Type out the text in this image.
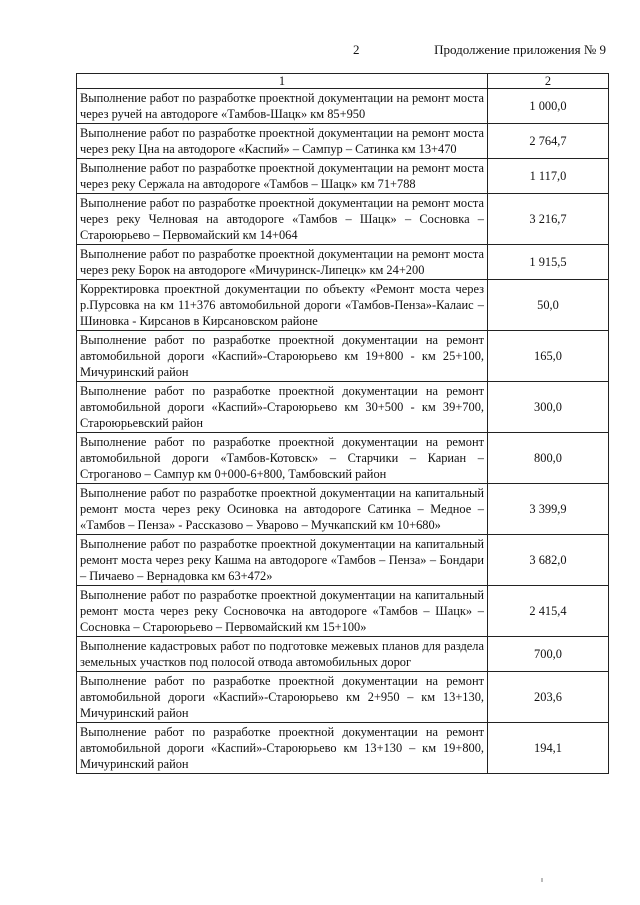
2	Продолжение приложения № 9
1	2
Выполнение работ по разработке проектной документации на ремонт моста через ручей на автодороге «Тамбов-Шацк» км 85+950	1 000,0
Выполнение работ по разработке проектной документации на ремонт моста через реку Цна на автодороге «Каспий» – Сампур – Сатинка км 13+470	2 764,7
Выполнение работ по разработке проектной документации на ремонт моста через реку Сержала на автодороге «Тамбов – Шацк» км 71+788	1 117,0
Выполнение работ по разработке проектной документации на ремонт моста через реку Челновая на автодороге «Тамбов – Шацк» – Сосновка –Староюрьево – Первомайский км 14+064	3 216,7
Выполнение работ по разработке проектной документации на ремонт моста через реку Борок на автодороге «Мичуринск-Липецк» км 24+200	1 915,5
Корректировка проектной документации по объекту «Ремонт моста через р.Пурсовка на км 11+376 автомобильной дороги «Тамбов-Пенза»-Калаис – Шиновка - Кирсанов в Кирсановском районе	50,0
Выполнение работ по разработке проектной документации на ремонт автомобильной дороги «Каспий»-Староюрьево км 19+800 - км 25+100, Мичуринский район	165,0
Выполнение работ по разработке проектной документации на ремонт автомобильной дороги «Каспий»-Староюрьево км 30+500 - км 39+700, Староюрьевский район	300,0
Выполнение работ по разработке проектной документации на ремонт автомобильной дороги «Тамбов-Котовск» – Старчики – Кариан – Строганово – Сампур км 0+000-6+800, Тамбовский район	800,0
Выполнение работ по разработке проектной документации на капитальный ремонт моста через реку Осиновка на автодороге Сатинка – Медное – «Тамбов – Пенза» - Рассказово – Уварово – Мучкапский км 10+680»	3 399,9
Выполнение работ по разработке проектной документации на капитальный ремонт моста через реку Кашма на автодороге «Тамбов – Пенза» – Бондари – Пичаево – Вернадовка км 63+472»	3 682,0
Выполнение работ по разработке проектной документации на капитальный ремонт моста через реку Сосновочка на автодороге «Тамбов – Шацк» – Сосновка – Староюрьево – Первомайский км 15+100»	2 415,4
Выполнение кадастровых работ по подготовке межевых планов для раздела земельных участков под полосой отвода автомобильных дорог	700,0
Выполнение работ по разработке проектной документации на ремонт автомобильной дороги «Каспий»-Староюрьево км 2+950 – км 13+130, Мичуринский район	203,6
Выполнение работ по разработке проектной документации на ремонт автомобильной дороги «Каспий»-Староюрьево км 13+130 – км 19+800, Мичуринский район	194,1
